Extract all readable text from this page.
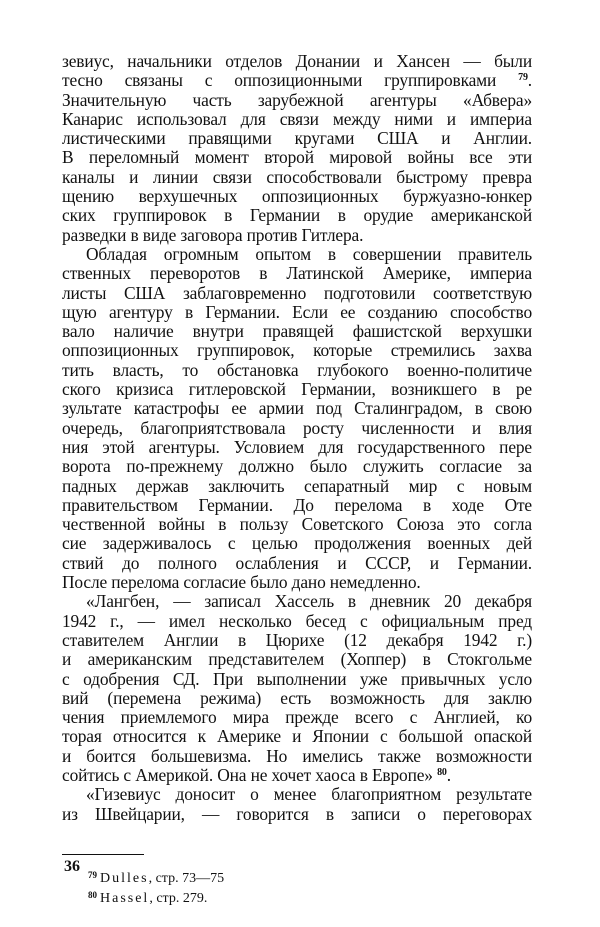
зевиус, начальники отделов Донании и Хансен — были
тесно связаны с оппозиционными группировками $^{79}$.
Значительную часть зарубежной агентуры «Абвера»
Канарис использовал для связи между ними и империа
листическими правящими кругами США и Англии.
В переломный момент второй мировой войны все эти
каналы и линии связи способствовали быстрому превра
щению верхушечных оппозиционных буржуазно-юнкер
ских группировок в Германии в орудие американской
разведки в виде заговора против Гитлера.
Обладая огромным опытом в совершении правитель
ственных переворотов в Латинской Америке, империа
листы США заблаговременно подготовили соответствую
щую агентуру в Германии. Если ее созданию способство
вало наличие внутри правящей фашистской верхушки
оппозиционных группировок, которые стремились захва
тить власть, то обстановка глубокого военно-политиче
ского кризиса гитлеровской Германии, возникшего в ре
зультате катастрофы ее армии под Сталинградом, в свою
очередь, благоприятствовала росту численности и влия
ния этой агентуры. Условием для государственного пере
ворота по-прежнему должно было служить согласие за
падных держав заключить сепаратный мир с новым
правительством Германии. До перелома в ходе Оте
чественной войны в пользу Советского Союза это согла
сие задерживалось с целью продолжения военных дей
ствий до полного ослабления и СССР, и Германии.
После перелома согласие было дано немедленно.
«Лангбен, — записал Хассель в дневник 20 декабря
1942 г., — имел несколько бесед с официальным пред
ставителем Англии в Цюрихе (12 декабря 1942 г.)
и американским представителем (Хоппер) в Стокгольме
с одобрения СД. При выполнении уже привычных усло
вий (перемена режима) есть возможность для заклю
чения приемлемого мира прежде всего с Англией, ко
торая относится к Америке и Японии с большой опаской
и боится большевизма. Но имелись также возможности
сойтись с Америкой. Она не хочет хаоса в Европе» $^{80}$.
«Гизевиус доносит о менее благоприятном результате
из Швейцарии, — говорится в записи о переговорах
$^{79}$ Dulles, стр. 73—75
$^{80}$ Hassel, стр. 279.
36
